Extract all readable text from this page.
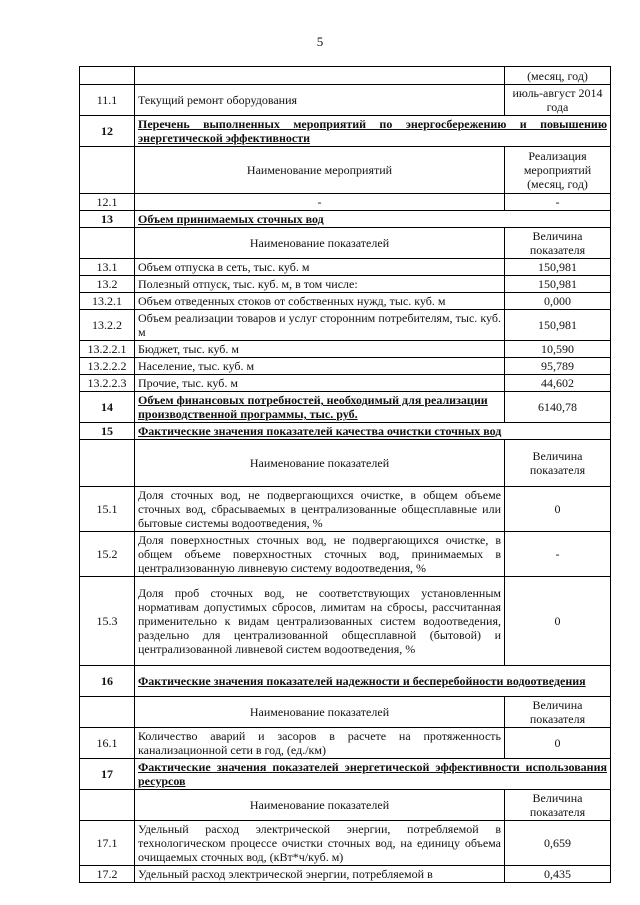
5
		(месяц, год)
11.1	Текущий ремонт оборудования	июль-август 2014 года
12	Перечень выполненных мероприятий по энергосбережению и повышению энергетической эффективности	
	Наименование мероприятий	Реализация мероприятий (месяц, год)
12.1	-	-
13	Объем принимаемых сточных вод	
	Наименование показателей	Величина показателя
13.1	Объем отпуска в сеть, тыс. куб. м	150,981
13.2	Полезный отпуск, тыс. куб. м, в том числе:	150,981
13.2.1	Объем отведенных стоков от собственных нужд, тыс. куб. м	0,000
13.2.2	Объем реализации товаров и услуг сторонним потребителям, тыс. куб. м	150,981
13.2.2.1	Бюджет, тыс. куб. м	10,590
13.2.2.2	Население, тыс. куб. м	95,789
13.2.2.3	Прочие, тыс. куб. м	44,602
14	Объем финансовых потребностей, необходимый для реализации производственной программы, тыс. руб.	6140,78
15	Фактические значения показателей качества очистки сточных вод	
	Наименование показателей	Величина показателя
15.1	Доля сточных вод, не подвергающихся очистке, в общем объеме сточных вод, сбрасываемых в централизованные общесплавные или бытовые системы водоотведения, %	0
15.2	Доля поверхностных сточных вод, не подвергающихся очистке, в общем объеме поверхностных сточных вод, принимаемых в централизованную ливневую систему водоотведения, %	-
15.3	Доля проб сточных вод, не соответствующих установленным нормативам допустимых сбросов, лимитам на сбросы, рассчитанная применительно к видам централизованных систем водоотведения, раздельно для централизованной общесплавной (бытовой) и централизованной ливневой систем водоотведения, %	0
16	Фактические значения показателей надежности и бесперебойности водоотведения	
	Наименование показателей	Величина показателя
16.1	Количество аварий и засоров в расчете на протяженность канализационной сети в год, (ед./км)	0
17	Фактические значения показателей энергетической эффективности использования ресурсов	
	Наименование показателей	Величина показателя
17.1	Удельный расход электрической энергии, потребляемой в технологическом процессе очистки сточных вод, на единицу объема очищаемых сточных вод, (кВт*ч/куб. м)	0,659
17.2	Удельный расход электрической энергии, потребляемой в	0,435
